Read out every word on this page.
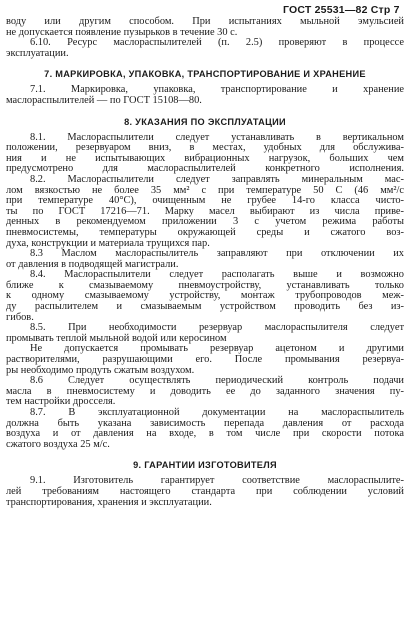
ГОСТ 25531—82 Стр 7
воду или другим способом. При испытаниях мыльной эмульсией
не допускается появление пузырьков в течение 30 с.
6.10. Ресурс маслораспылителей (п. 2.5) проверяют в процессе
эксплуатации.
7. МАРКИРОВКА, УПАКОВКА, ТРАНСПОРТИРОВАНИЕ И ХРАНЕНИЕ
7.1. Маркировка, упаковка, транспортирование и хранение
маслораспылителей — по ГОСТ 15108—80.
8. УКАЗАНИЯ ПО ЭКСПЛУАТАЦИИ
8.1. Маслораспылители следует устанавливать в вертикальном
положении, резервуаром вниз, в местах, удобных для обслужива-
ния и не испытывающих вибрационных нагрузок, больших чем
предусмотрено для маслораспылителей конкретного исполнения.
8.2. Маслораспылители следует заправлять минеральным мас-
лом вязкостью не более 35 мм² с при температуре 50 С (46 мм²/с
при температуре 40°С), очищенным не грубее 14-го класса чисто-
ты по ГОСТ 17216—71. Марку масел выбирают из числа приве-
денных в рекомендуемом приложении 3 с учетом режима работы
пневмосистемы, температуры окружающей среды и сжатого воз-
духа, конструкции и материала трущихся пар.
8.3 Маслом маслораспылитель заправляют при отключении их
от давления в подводящей магистрали.
8.4. Маслораспылители следует располагать выше и возможно
ближе к смазываемому пневмоустройству, устанавливать только
к одному смазываемому устройству, монтаж трубопроводов меж-
ду распылителем и смазываемым устройством проводить без из-
гибов.
8.5. При необходимости резервуар маслораспылителя следует
промывать теплой мыльной водой или керосином
Не допускается промывать резервуар ацетоном и другими
растворителями, разрушающими его. После промывания резервуа-
ры необходимо продуть сжатым воздухом.
8.6 Следует осуществлять периодический контроль подачи
масла в пневмосистему и доводить ее до заданного значения пу-
тем настройки дросселя.
8.7. В эксплуатационной документации на маслораспылитель
должна быть указана зависимость перепада давления от расхода
воздуха и от давления на входе, в том числе при скорости потока
сжатого воздуха 25 м/с.
9. ГАРАНТИИ ИЗГОТОВИТЕЛЯ
9.1. Изготовитель гарантирует соответствие маслораспылите-
лей требованиям настоящего стандарта при соблюдении условий
транспортирования, хранения и эксплуатации.
